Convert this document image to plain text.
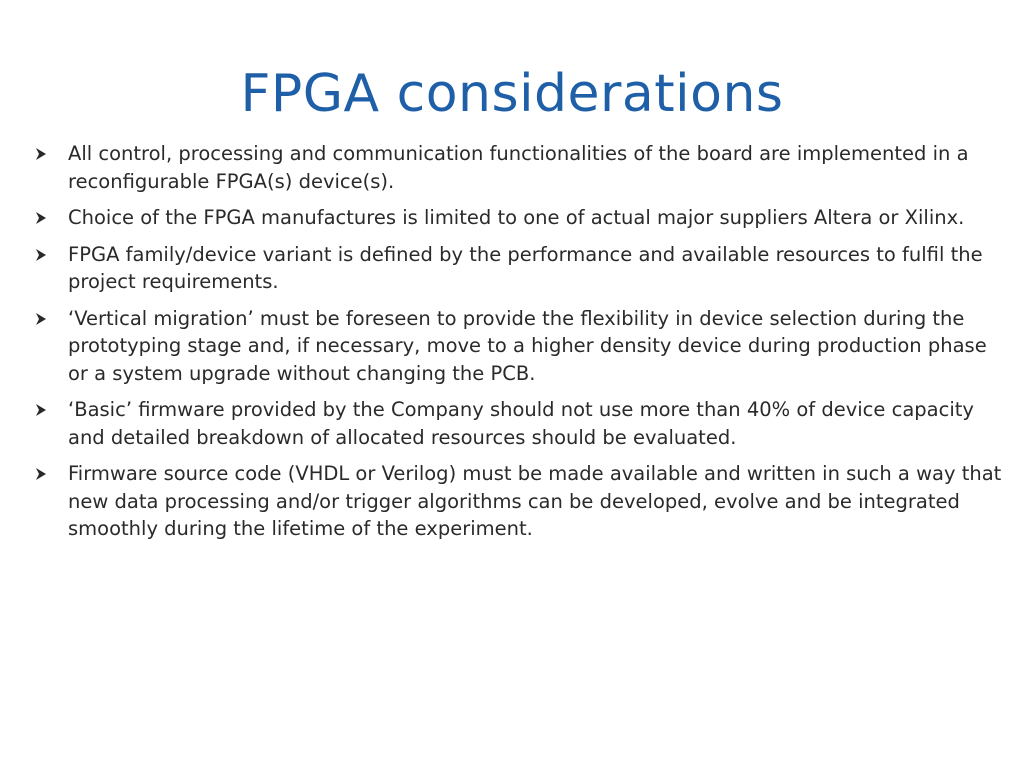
FPGA considerations
All control, processing and communication functionalities of the board are implemented in a reconfigurable FPGA(s) device(s).
Choice of the FPGA manufactures is limited to one of actual major suppliers Altera or Xilinx.
FPGA family/device variant is defined by the performance and available resources to fulfil the project requirements.
‘Vertical migration’ must be foreseen to provide the flexibility in device selection during the prototyping stage and, if necessary, move to a higher density device during production phase or a system upgrade without changing the PCB.
‘Basic’ firmware provided by the Company should not use more than 40% of device capacity and detailed breakdown of allocated resources should be evaluated.
Firmware source code (VHDL or Verilog) must be made available and written in such a way that new data processing and/or trigger algorithms can be developed, evolve and be integrated smoothly during the lifetime of the experiment.
